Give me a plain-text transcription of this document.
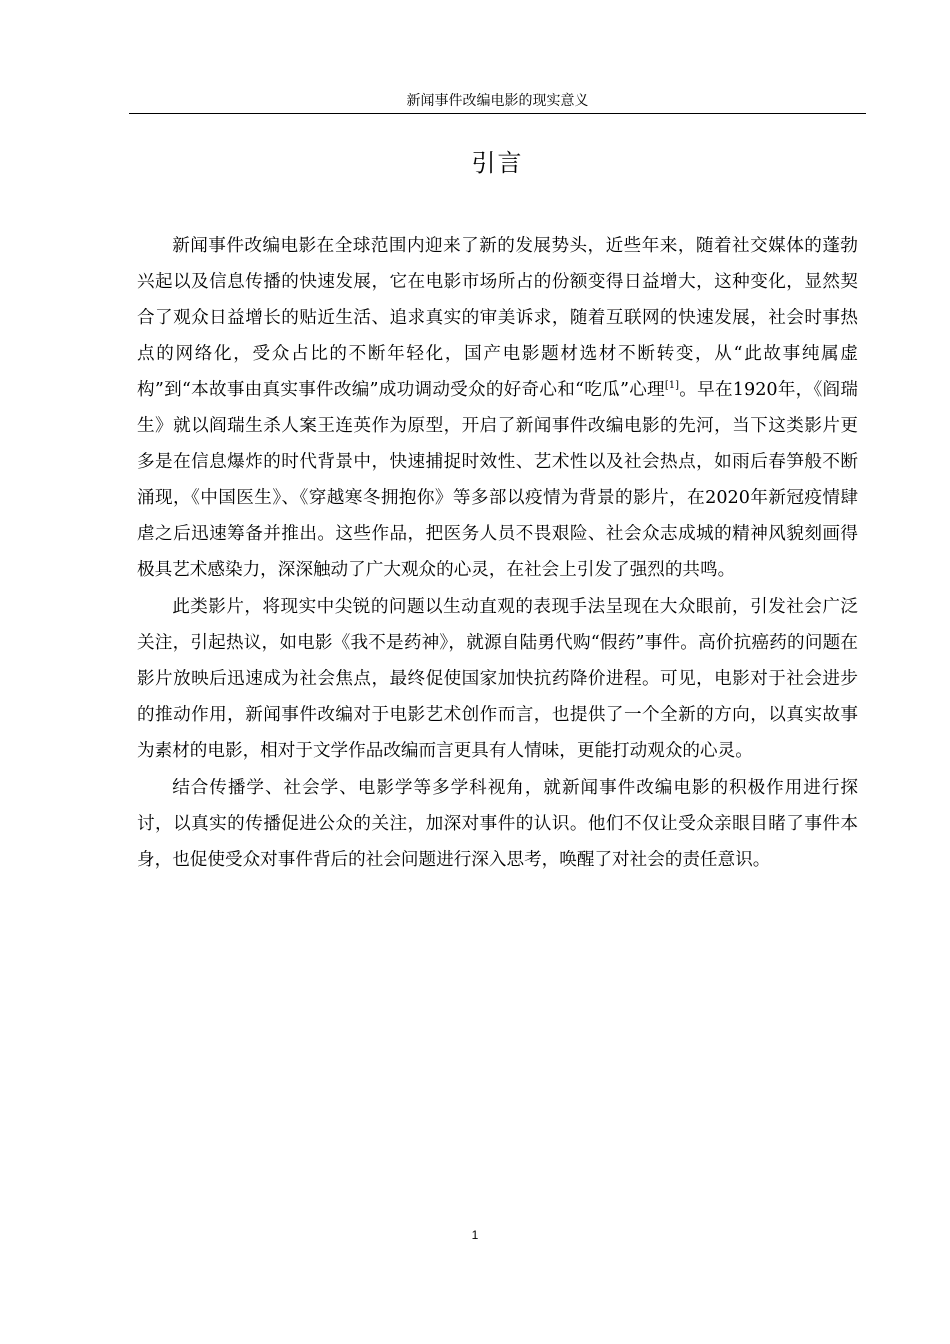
新闻事件改编电影的现实意义
引言

新闻事件改编电影在全球范围内迎来了新的发展势头，近些年来，随着社交媒体的蓬勃兴起以及信息传播的快速发展，它在电影市场所占的份额变得日益增大，这种变化，显然契合了观众日益增长的贴近生活、追求真实的审美诉求，随着互联网的快速发展，社会时事热点的网络化，受众占比的不断年轻化，国产电影题材选材不断转变，从“此故事纯属虚构”到“本故事由真实事件改编”成功调动受众的好奇心和“吃瓜”心理[1]。早在1920年，《阎瑞生》就以阎瑞生杀人案王连英作为原型，开启了新闻事件改编电影的先河，当下这类影片更多是在信息爆炸的时代背景中，快速捕捉时效性、艺术性以及社会热点，如雨后春笋般不断涌现，《中国医生》、《穿越寒冬拥抱你》等多部以疫情为背景的影片，在2020年新冠疫情肆虐之后迅速筹备并推出。这些作品，把医务人员不畏艰险、社会众志成城的精神风貌刻画得极具艺术感染力，深深触动了广大观众的心灵，在社会上引发了强烈的共鸣。

此类影片，将现实中尖锐的问题以生动直观的表现手法呈现在大众眼前，引发社会广泛关注，引起热议，如电影《我不是药神》，就源自陆勇代购“假药”事件。高价抗癌药的问题在影片放映后迅速成为社会焦点，最终促使国家加快抗药降价进程。可见，电影对于社会进步的推动作用，新闻事件改编对于电影艺术创作而言，也提供了一个全新的方向，以真实故事为素材的电影，相对于文学作品改编而言更具有人情味，更能打动观众的心灵。

结合传播学、社会学、电影学等多学科视角，就新闻事件改编电影的积极作用进行探讨，以真实的传播促进公众的关注，加深对事件的认识。他们不仅让受众亲眼目睹了事件本身，也促使受众对事件背后的社会问题进行深入思考，唤醒了对社会的责任意识。

1
